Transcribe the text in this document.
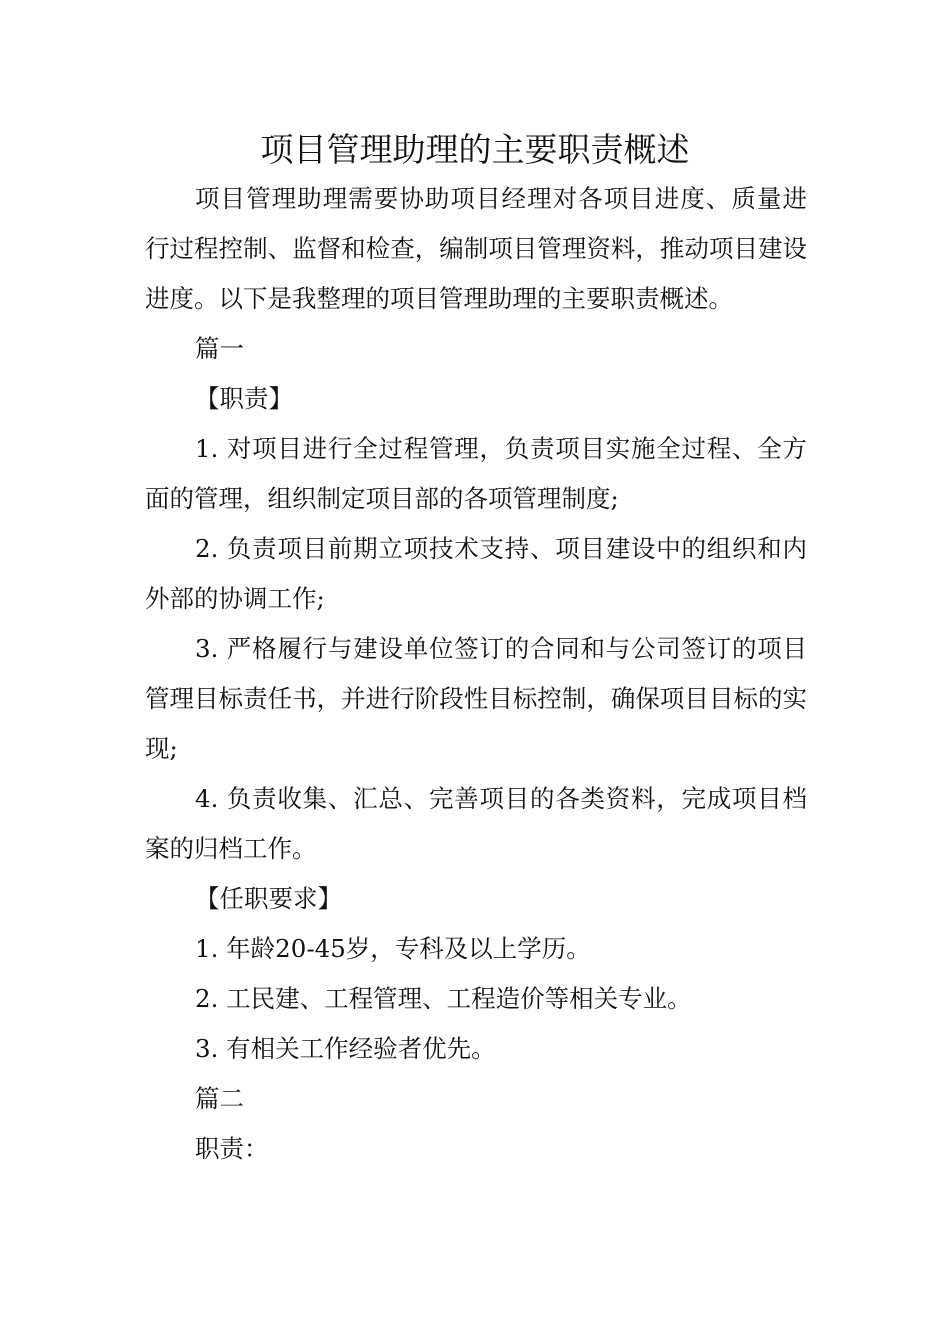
项目管理助理的主要职责概述

项目管理助理需要协助项目经理对各项目进度、质量进行过程控制、监督和检查，编制项目管理资料，推动项目建设进度。以下是我整理的项目管理助理的主要职责概述。

篇一

【职责】

1. 对项目进行全过程管理，负责项目实施全过程、全方面的管理，组织制定项目部的各项管理制度;

2. 负责项目前期立项技术支持、项目建设中的组织和内外部的协调工作;

3. 严格履行与建设单位签订的合同和与公司签订的项目管理目标责任书，并进行阶段性目标控制，确保项目目标的实现;

4. 负责收集、汇总、完善项目的各类资料，完成项目档案的归档工作。

【任职要求】

1. 年龄20-45岁，专科及以上学历。

2. 工民建、工程管理、工程造价等相关专业。

3. 有相关工作经验者优先。

篇二

职责：
